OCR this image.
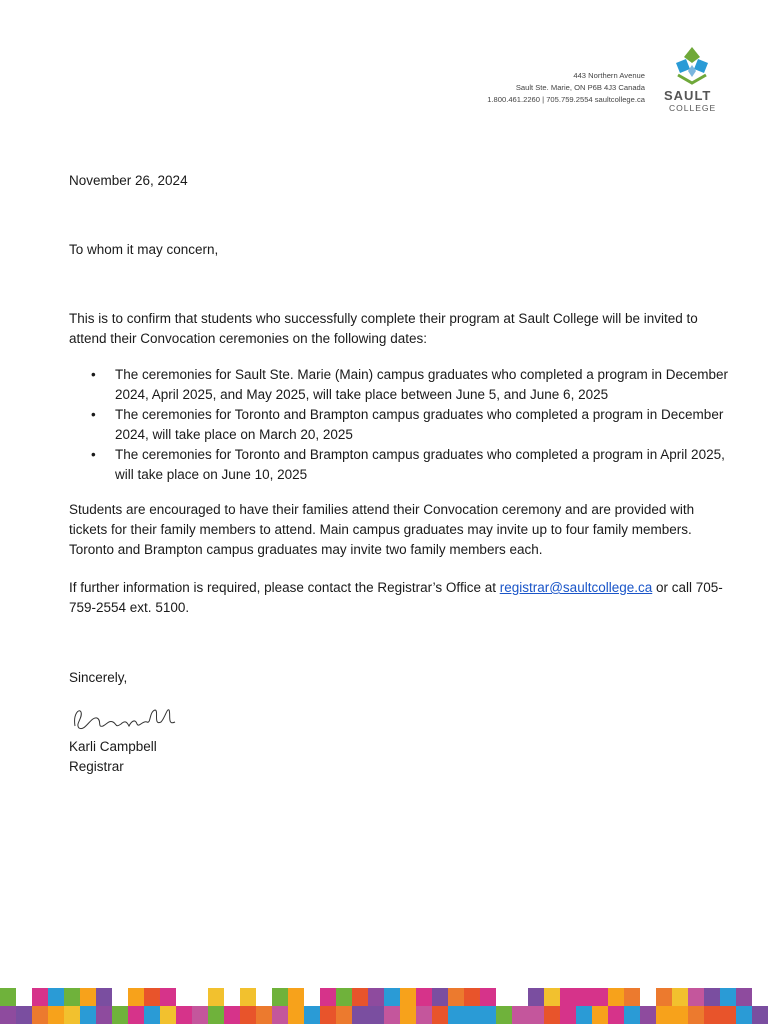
443 Northern Avenue
Sault Ste. Marie, ON P6B 4J3 Canada
1.800.461.2260 | 705.759.2554 saultcollege.ca SAULT
COLLEGE
November 26, 2024
To whom it may concern,
This is to confirm that students who successfully complete their program at Sault College will be invited to attend their Convocation ceremonies on the following dates:
• The ceremonies for Sault Ste. Marie (Main) campus graduates who completed a program in December 2024, April 2025, and May 2025, will take place between June 5, and June 6, 2025
• The ceremonies for Toronto and Brampton campus graduates who completed a program in December 2024, will take place on March 20, 2025
• The ceremonies for Toronto and Brampton campus graduates who completed a program in April 2025, will take place on June 10, 2025
Students are encouraged to have their families attend their Convocation ceremony and are provided with tickets for their family members to attend. Main campus graduates may invite up to four family members. Toronto and Brampton campus graduates may invite two family members each.
If further information is required, please contact the Registrar’s Office at registrar@saultcollege.ca or call 705-759-2554 ext. 5100.
Sincerely,
Karli Campbell
Registrar
